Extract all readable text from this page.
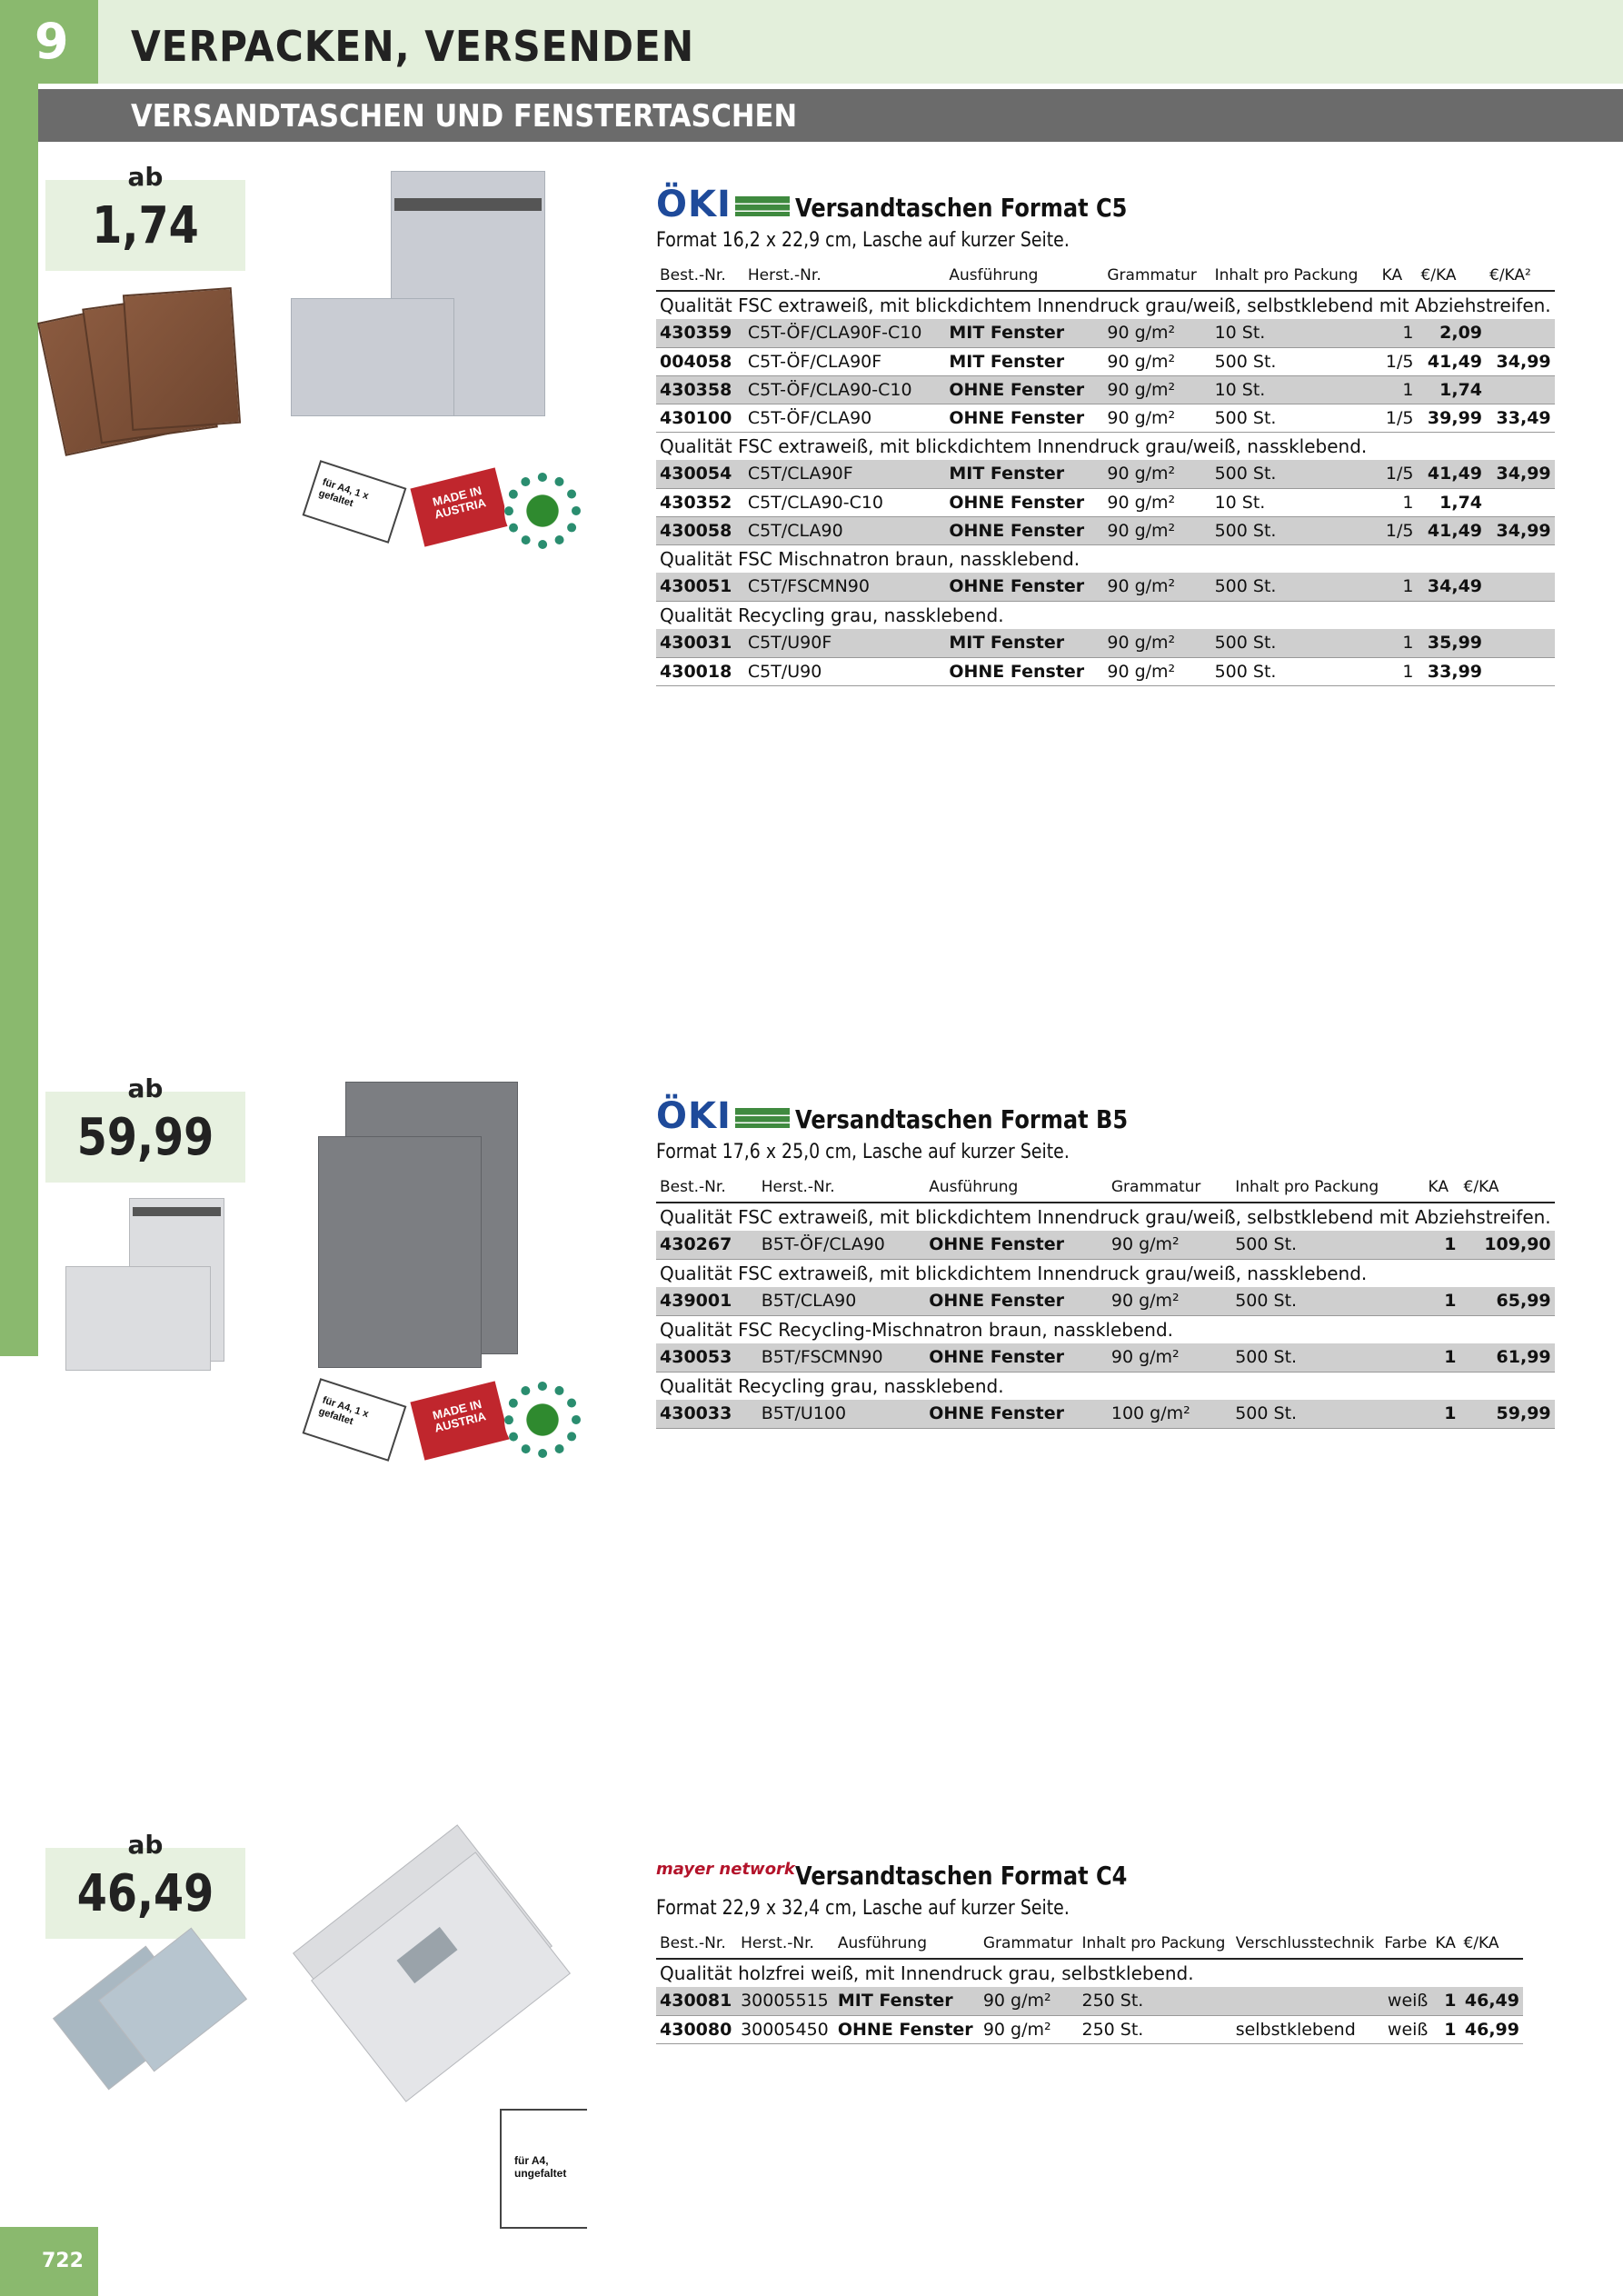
9	VERPACKEN, VERSENDEN
VERSANDTASCHEN UND FENSTERTASCHEN
ab
1,74
für A4, 1 x gefaltet	MADE IN AUSTRIA
ÖKI	Versandtaschen Format C5
Format 16,2 x 22,9 cm, Lasche auf kurzer Seite.
Best.-Nr.	Herst.-Nr.	Ausführung	Grammatur	Inhalt pro Packung	KA	€/KA	€/KA²
Qualität FSC extraweiß, mit blickdichtem Innendruck grau/weiß, selbstklebend mit Abziehstreifen.							
430359	C5T-ÖF/CLA90F-C10	MIT Fenster	90 g/m²	10 St.	1	2,09	
004058	C5T-ÖF/CLA90F	MIT Fenster	90 g/m²	500 St.	1/5	41,49	34,99
430358	C5T-ÖF/CLA90-C10	OHNE Fenster	90 g/m²	10 St.	1	1,74	
430100	C5T-ÖF/CLA90	OHNE Fenster	90 g/m²	500 St.	1/5	39,99	33,49
Qualität FSC extraweiß, mit blickdichtem Innendruck grau/weiß, nassklebend.							
430054	C5T/CLA90F	MIT Fenster	90 g/m²	500 St.	1/5	41,49	34,99
430352	C5T/CLA90-C10	OHNE Fenster	90 g/m²	10 St.	1	1,74	
430058	C5T/CLA90	OHNE Fenster	90 g/m²	500 St.	1/5	41,49	34,99
Qualität FSC Mischnatron braun, nassklebend.							
430051	C5T/FSCMN90	OHNE Fenster	90 g/m²	500 St.	1	34,49	
Qualität Recycling grau, nassklebend.							
430031	C5T/U90F	MIT Fenster	90 g/m²	500 St.	1	35,99	
430018	C5T/U90	OHNE Fenster	90 g/m²	500 St.	1	33,99	
ab
59,99
für A4, 1 x gefaltet	MADE IN AUSTRIA
ÖKI	Versandtaschen Format B5
Format 17,6 x 25,0 cm, Lasche auf kurzer Seite.
Best.-Nr.	Herst.-Nr.	Ausführung	Grammatur	Inhalt pro Packung	KA	€/KA
Qualität FSC extraweiß, mit blickdichtem Innendruck grau/weiß, selbstklebend mit Abziehstreifen.						
430267	B5T-ÖF/CLA90	OHNE Fenster	90 g/m²	500 St.	1	109,90
Qualität FSC extraweiß, mit blickdichtem Innendruck grau/weiß, nassklebend.						
439001	B5T/CLA90	OHNE Fenster	90 g/m²	500 St.	1	65,99
Qualität FSC Recycling-Mischnatron braun, nassklebend.						
430053	B5T/FSCMN90	OHNE Fenster	90 g/m²	500 St.	1	61,99
Qualität Recycling grau, nassklebend.						
430033	B5T/U100	OHNE Fenster	100 g/m²	500 St.	1	59,99
ab
46,49
für A4, ungefaltet
mayer network Versandtaschen Format C4
Format 22,9 x 32,4 cm, Lasche auf kurzer Seite.
Best.-Nr.	Herst.-Nr.	Ausführung	Grammatur	Inhalt pro Packung	Verschlusstechnik	Farbe	KA	€/KA
Qualität holzfrei weiß, mit Innendruck grau, selbstklebend.								
430081	30005515	MIT Fenster	90 g/m²	250 St.		weiß	1	46,49
430080	30005450	OHNE Fenster	90 g/m²	250 St.	selbstklebend	weiß	1	46,99
722
